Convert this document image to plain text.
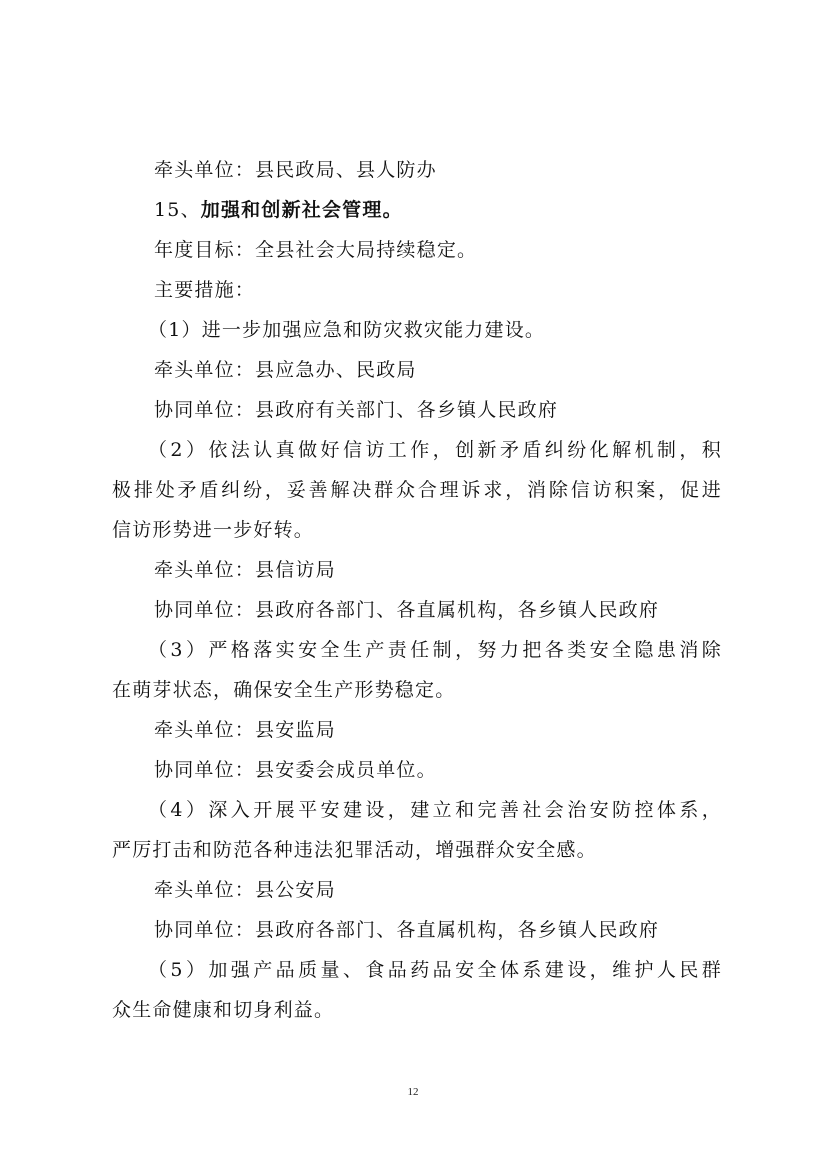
牵头单位：县民政局、县人防办
15、加强和创新社会管理。
年度目标：全县社会大局持续稳定。
主要措施：
（1）进一步加强应急和防灾救灾能力建设。
牵头单位：县应急办、民政局
协同单位：县政府有关部门、各乡镇人民政府
（2）依法认真做好信访工作，创新矛盾纠纷化解机制，积
极排处矛盾纠纷，妥善解决群众合理诉求，消除信访积案，促进
信访形势进一步好转。
牵头单位：县信访局
协同单位：县政府各部门、各直属机构，各乡镇人民政府
（3）严格落实安全生产责任制，努力把各类安全隐患消除
在萌芽状态，确保安全生产形势稳定。
牵头单位：县安监局
协同单位：县安委会成员单位。
（4）深入开展平安建设，建立和完善社会治安防控体系，
严厉打击和防范各种违法犯罪活动，增强群众安全感。
牵头单位：县公安局
协同单位：县政府各部门、各直属机构，各乡镇人民政府
（5）加强产品质量、食品药品安全体系建设，维护人民群
众生命健康和切身利益。
12
